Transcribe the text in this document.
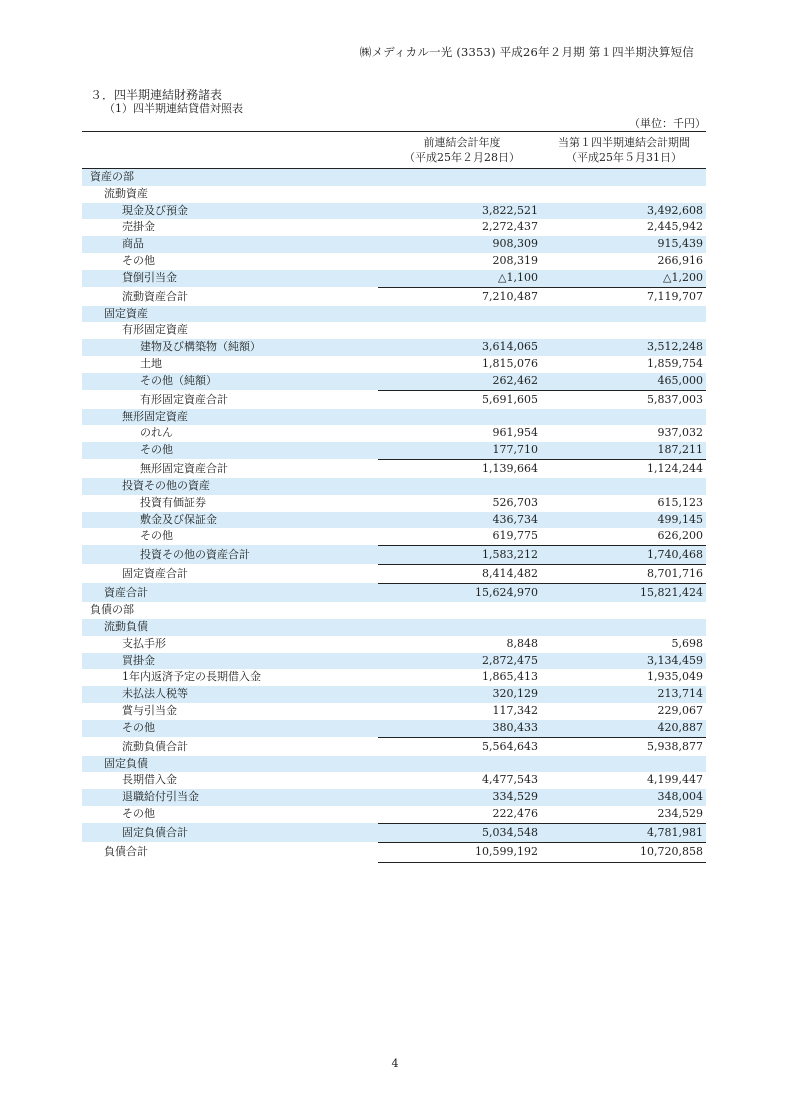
㈱メディカル一光 (3353) 平成26年２月期 第１四半期決算短信
３．四半期連結財務諸表
（1）四半期連結貸借対照表
（単位：千円）
前連結会計年度
（平成25年２月28日）
当第１四半期連結会計期間
（平成25年５月31日）
資産の部
流動資産
現金及び預金	3,822,521	3,492,608
売掛金	2,272,437	2,445,942
商品	908,309	915,439
その他	208,319	266,916
貸倒引当金	△1,100	△1,200
流動資産合計	7,210,487	7,119,707
固定資産
有形固定資産
建物及び構築物（純額）	3,614,065	3,512,248
土地	1,815,076	1,859,754
その他（純額）	262,462	465,000
有形固定資産合計	5,691,605	5,837,003
無形固定資産
のれん	961,954	937,032
その他	177,710	187,211
無形固定資産合計	1,139,664	1,124,244
投資その他の資産
投資有価証券	526,703	615,123
敷金及び保証金	436,734	499,145
その他	619,775	626,200
投資その他の資産合計	1,583,212	1,740,468
固定資産合計	8,414,482	8,701,716
資産合計	15,624,970	15,821,424
負債の部
流動負債
支払手形	8,848	5,698
買掛金	2,872,475	3,134,459
1年内返済予定の長期借入金	1,865,413	1,935,049
未払法人税等	320,129	213,714
賞与引当金	117,342	229,067
その他	380,433	420,887
流動負債合計	5,564,643	5,938,877
固定負債
長期借入金	4,477,543	4,199,447
退職給付引当金	334,529	348,004
その他	222,476	234,529
固定負債合計	5,034,548	4,781,981
負債合計	10,599,192	10,720,858
4
